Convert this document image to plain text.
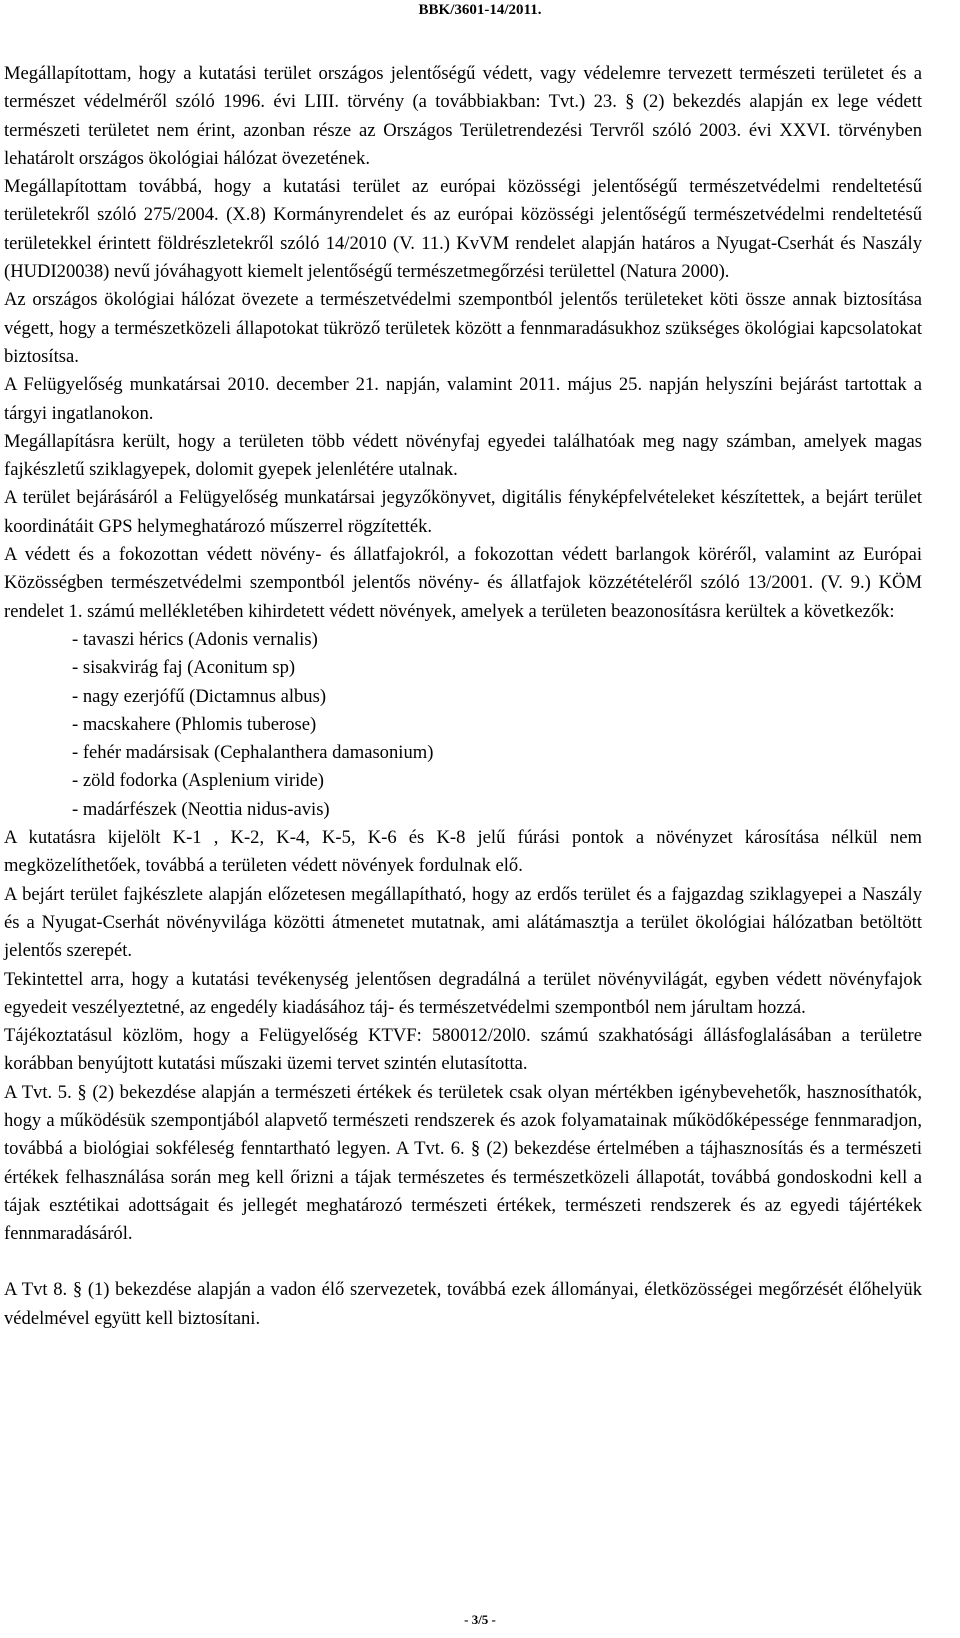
BBK/3601-14/2011.

Megállapítottam, hogy a kutatási terület országos jelentőségű védett, vagy védelemre tervezett természeti területet és a természet védelméről szóló 1996. évi LIII. törvény (a továbbiakban: Tvt.) 23. § (2) bekezdés alapján ex lege védett természeti területet nem érint, azonban része az Országos Területrendezési Tervről szóló 2003. évi XXVI. törvényben lehatárolt országos ökológiai hálózat övezetének.

Megállapítottam továbbá, hogy a kutatási terület az európai közösségi jelentőségű természetvédelmi rendeltetésű területekről szóló 275/2004. (X.8) Kormányrendelet és az európai közösségi jelentőségű természetvédelmi rendeltetésű területekkel érintett földrészletekről szóló 14/2010 (V. 11.) KvVM rendelet alapján határos a Nyugat-Cserhát és Naszály (HUDI20038) nevű jóváhagyott kiemelt jelentőségű természetmegőrzési területtel (Natura 2000).

Az országos ökológiai hálózat övezete a természetvédelmi szempontból jelentős területeket köti össze annak biztosítása végett, hogy a természetközeli állapotokat tükröző területek között a fennmaradásukhoz szükséges ökológiai kapcsolatokat biztosítsa.

A Felügyelőség munkatársai 2010. december 21. napján, valamint 2011. május 25. napján helyszíni bejárást tartottak a tárgyi ingatlanokon.

Megállapításra került, hogy a területen több védett növényfaj egyedei találhatóak meg nagy számban, amelyek magas fajkészletű sziklagyepek, dolomit gyepek jelenlétére utalnak.

A terület bejárásáról a Felügyelőség munkatársai jegyzőkönyvet, digitális fényképfelvételeket készítettek, a bejárt terület koordinátáit GPS helymeghatározó műszerrel rögzítették.

A védett és a fokozottan védett növény- és állatfajokról, a fokozottan védett barlangok köréről, valamint az Európai Közösségben természetvédelmi szempontból jelentős növény- és állatfajok közzétételéről szóló 13/2001. (V. 9.) KÖM rendelet 1. számú mellékletében kihirdetett védett növények, amelyek a területen beazonosításra kerültek a következők:

- tavaszi hérics (Adonis vernalis)
- sisakvirág faj (Aconitum sp)
- nagy ezerjófű (Dictamnus albus)
- macskahere (Phlomis tuberose)
- fehér madársisak (Cephalanthera damasonium)
- zöld fodorka (Asplenium viride)
- madárfészek (Neottia nidus-avis)

A kutatásra kijelölt K-1 , K-2, K-4, K-5, K-6 és K-8 jelű fúrási pontok a növényzet károsítása nélkül nem megközelíthetőek, továbbá a területen védett növények fordulnak elő.

A bejárt terület fajkészlete alapján előzetesen megállapítható, hogy az erdős terület és a fajgazdag sziklagyepei a Naszály és a Nyugat-Cserhát növényvilága közötti átmenetet mutatnak, ami alátámasztja a terület ökológiai hálózatban betöltött jelentős szerepét.

Tekintettel arra, hogy a kutatási tevékenység jelentősen degradálná a terület növényvilágát, egyben védett növényfajok egyedeit veszélyeztetné, az engedély kiadásához táj- és természetvédelmi szempontból nem járultam hozzá.

Tájékoztatásul közlöm, hogy a Felügyelőség KTVF: 580012/20l0. számú szakhatósági állásfoglalásában a területre korábban benyújtott kutatási műszaki üzemi tervet szintén elutasította.

A Tvt. 5. § (2) bekezdése alapján a természeti értékek és területek csak olyan mértékben igénybevehetők, hasznosíthatók, hogy a működésük szempontjából alapvető természeti rendszerek és azok folyamatainak működőképessége fennmaradjon, továbbá a biológiai sokféleség fenntartható legyen. A Tvt. 6. § (2) bekezdése értelmében a tájhasznosítás és a természeti értékek felhasználása során meg kell őrizni a tájak természetes és természetközeli állapotát, továbbá gondoskodni kell a tájak esztétikai adottságait és jellegét meghatározó természeti értékek, természeti rendszerek és az egyedi tájértékek fennmaradásáról.

A Tvt 8. § (1) bekezdése alapján a vadon élő szervezetek, továbbá ezek állományai, életközösségei megőrzését élőhelyük védelmével együtt kell biztosítani.

- 3/5 -
